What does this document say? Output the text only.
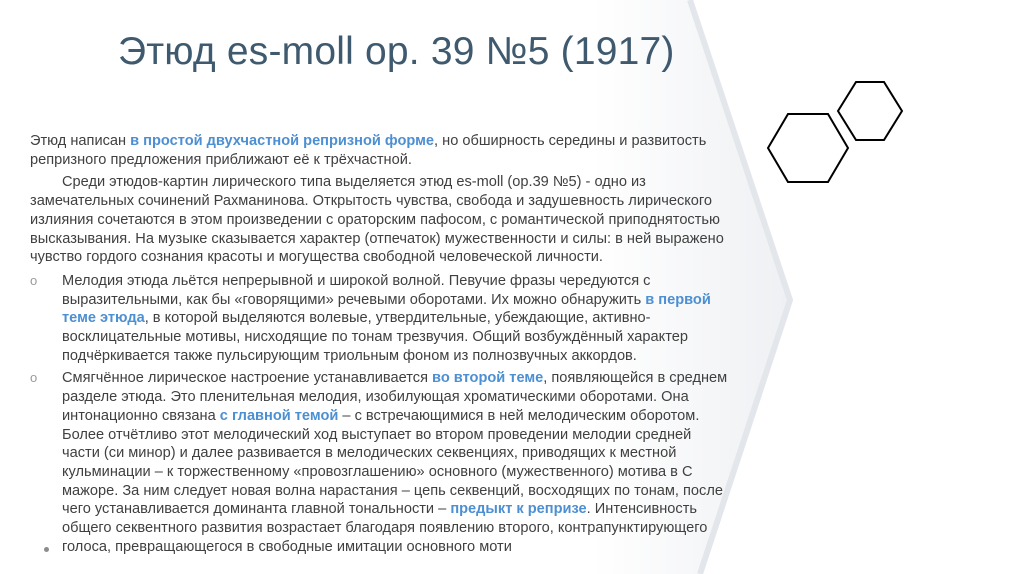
Этюд es-moll op. 39 №5 (1917)

Этюд написан в простой двухчастной репризной форме, но обширность середины и развитость репризного предложения приближают её к трёхчастной.

Среди этюдов-картин лирического типа выделяется этюд es-moll (op.39 №5) - одно из замечательных сочинений Рахманинова. Открытость чувства, свобода и задушевность лирического излияния сочетаются в этом произведении с ораторским пафосом, с романтической приподнятостью высказывания. На музыке сказывается характер (отпечаток) мужественности и силы: в ней выражено чувство гордого сознания красоты и могущества свободной человеческой личности.

o Мелодия этюда льётся непрерывной и широкой волной. Певучие фразы чередуются с выразительными, как бы «говорящими» речевыми оборотами. Их можно обнаружить в первой теме этюда, в которой выделяются волевые, утвердительные, убеждающие, активно-восклицательные мотивы, нисходящие по тонам трезвучия. Общий возбуждённый характер подчёркивается также пульсирующим триольным фоном из полнозвучных аккордов.
o Смягчённое лирическое настроение устанавливается во второй теме, появляющейся в среднем разделе этюда. Это пленительная мелодия, изобилующая хроматическими оборотами. Она интонационно связана с главной темой – с встречающимися в ней мелодическим оборотом. Более отчётливо этот мелодический ход выступает во втором проведении мелодии средней части (си минор) и далее развивается в мелодических секвенциях, приводящих к местной кульминации – к торжественному «провозглашению» основного (мужественного) мотива в С мажоре. За ним следует новая волна нарастания – цепь секвенций, восходящих по тонам, после чего устанавливается доминанта главной тональности – предыкт к репризе. Интенсивность общего секвентного развития возрастает благодаря появлению второго, контрапунктирующего голоса, превращающегося в свободные имитации основного моти
